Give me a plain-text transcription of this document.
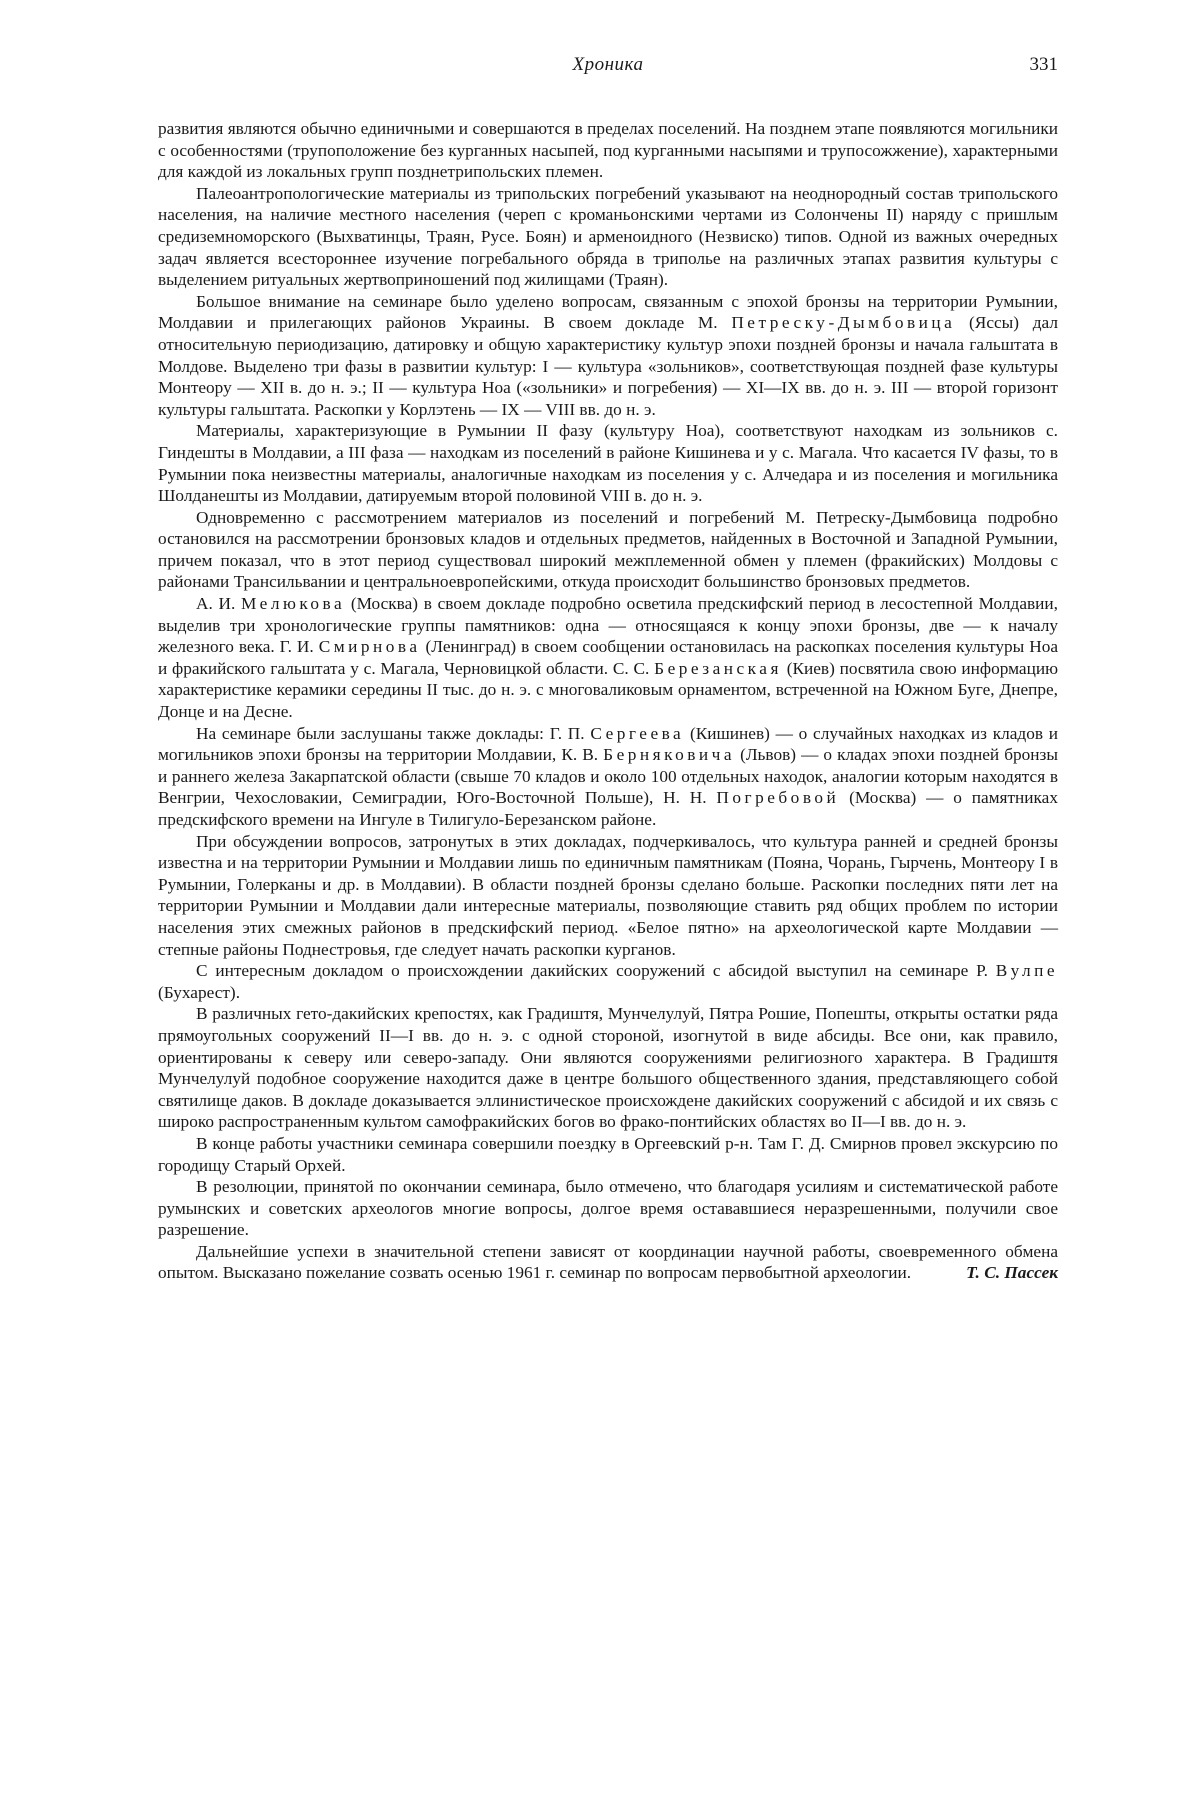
Хроника	331

развития являются обычно единичными и совершаются в пределах поселений. На позднем этапе появляются могильники с особенностями (трупоположение без курганных насыпей, под курганными насыпями и трупосожжение), характерными для каждой из локальных групп позднетрипольских племен.

Палеоантропологические материалы из трипольских погребений указывают на неоднородный состав трипольского населения, на наличие местного населения (череп с кроманьонскими чертами из Солончены II) наряду с пришлым средиземноморского (Выхватинцы, Траян, Русе. Боян) и арменоидного (Незвиско) типов. Одной из важных очередных задач является всестороннее изучение погребального обряда в триполье на различных этапах развития культуры с выделением ритуальных жертвоприношений под жилищами (Траян).

Большое внимание на семинаре было уделено вопросам, связанным с эпохой бронзы на территории Румынии, Молдавии и прилегающих районов Украины. В своем докладе М. Петреску-Дымбовица (Яссы) дал относительную периодизацию, датировку и общую характеристику культур эпохи поздней бронзы и начала гальштата в Молдове. Выделено три фазы в развитии культур: I — культура «зольников», соответствующая поздней фазе культуры Монтеору — XII в. до н. э.; II — культура Ноа («зольники» и погребения) — XI—IX вв. до н. э. III — второй горизонт культуры гальштата. Раскопки у Корлэтень — IX — VIII вв. до н. э.

Материалы, характеризующие в Румынии II фазу (культуру Ноа), соответствуют находкам из зольников с. Гиндешты в Молдавии, а III фаза — находкам из поселений в районе Кишинева и у с. Магала. Что касается IV фазы, то в Румынии пока неизвестны материалы, аналогичные находкам из поселения у с. Алчедара и из поселения и могильника Шолданешты из Молдавии, датируемым второй половиной VIII в. до н. э.

Одновременно с рассмотрением материалов из поселений и погребений М. Петреску-Дымбовица подробно остановился на рассмотрении бронзовых кладов и отдельных предметов, найденных в Восточной и Западной Румынии, причем показал, что в этот период существовал широкий межплеменной обмен у племен (фракийских) Молдовы с районами Трансильвании и центральноевропейскими, откуда происходит большинство бронзовых предметов.

А. И. Мелюкова (Москва) в своем докладе подробно осветила предскифский период в лесостепной Молдавии, выделив три хронологические группы памятников: одна — относящаяся к концу эпохи бронзы, две — к началу железного века. Г. И. Смирнова (Ленинград) в своем сообщении остановилась на раскопках поселения культуры Ноа и фракийского гальштата у с. Магала, Черновицкой области. С. С. Березанская (Киев) посвятила свою информацию характеристике керамики середины II тыс. до н. э. с многоваликовым орнаментом, встреченной на Южном Буге, Днепре, Донце и на Десне.

На семинаре были заслушаны также доклады: Г. П. Сергеева (Кишинев) — о случайных находках из кладов и могильников эпохи бронзы на территории Молдавии, К. В. Берняковича (Львов) — о кладах эпохи поздней бронзы и раннего железа Закарпатской области (свыше 70 кладов и около 100 отдельных находок, аналогии которым находятся в Венгрии, Чехословакии, Семиградии, Юго-Восточной Польше), Н. Н. Погребовой (Москва) — о памятниках предскифского времени на Ингуле в Тилигуло-Березанском районе.

При обсуждении вопросов, затронутых в этих докладах, подчеркивалось, что культура ранней и средней бронзы известна и на территории Румынии и Молдавии лишь по единичным памятникам (Пояна, Чорань, Гырчень, Монтеору I в Румынии, Голерканы и др. в Молдавии). В области поздней бронзы сделано больше. Раскопки последних пяти лет на территории Румынии и Молдавии дали интересные материалы, позволяющие ставить ряд общих проблем по истории населения этих смежных районов в предскифский период. «Белое пятно» на археологической карте Молдавии — степные районы Поднестровья, где следует начать раскопки курганов.

С интересным докладом о происхождении дакийских сооружений с абсидой выступил на семинаре Р. Вулпе (Бухарест).

В различных гето-дакийских крепостях, как Градиштя, Мунчелулуй, Пятра Рошие, Попешты, открыты остатки ряда прямоугольных сооружений II—I вв. до н. э. с одной стороной, изогнутой в виде абсиды. Все они, как правило, ориентированы к северу или северо-западу. Они являются сооружениями религиозного характера. В Градиштя Мунчелулуй подобное сооружение находится даже в центре большого общественного здания, представляющего собой святилище даков. В докладе доказывается эллинистическое происхождене дакийских сооружений с абсидой и их связь с широко распространенным культом самофракийских богов во фрако-понтийских областях во II—I вв. до н. э.

В конце работы участники семинара совершили поездку в Оргеевский р-н. Там Г. Д. Смирнов провел экскурсию по городищу Старый Орхей.

В резолюции, принятой по окончании семинара, было отмечено, что благодаря усилиям и систематической работе румынских и советских археологов многие вопросы, долгое время остававшиеся неразрешенными, получили свое разрешение.

Дальнейшие успехи в значительной степени зависят от координации научной работы, своевременного обмена опытом. Высказано пожелание созвать осенью 1961 г. семинар по вопросам первобытной археологии.	Т. С. Пассек
